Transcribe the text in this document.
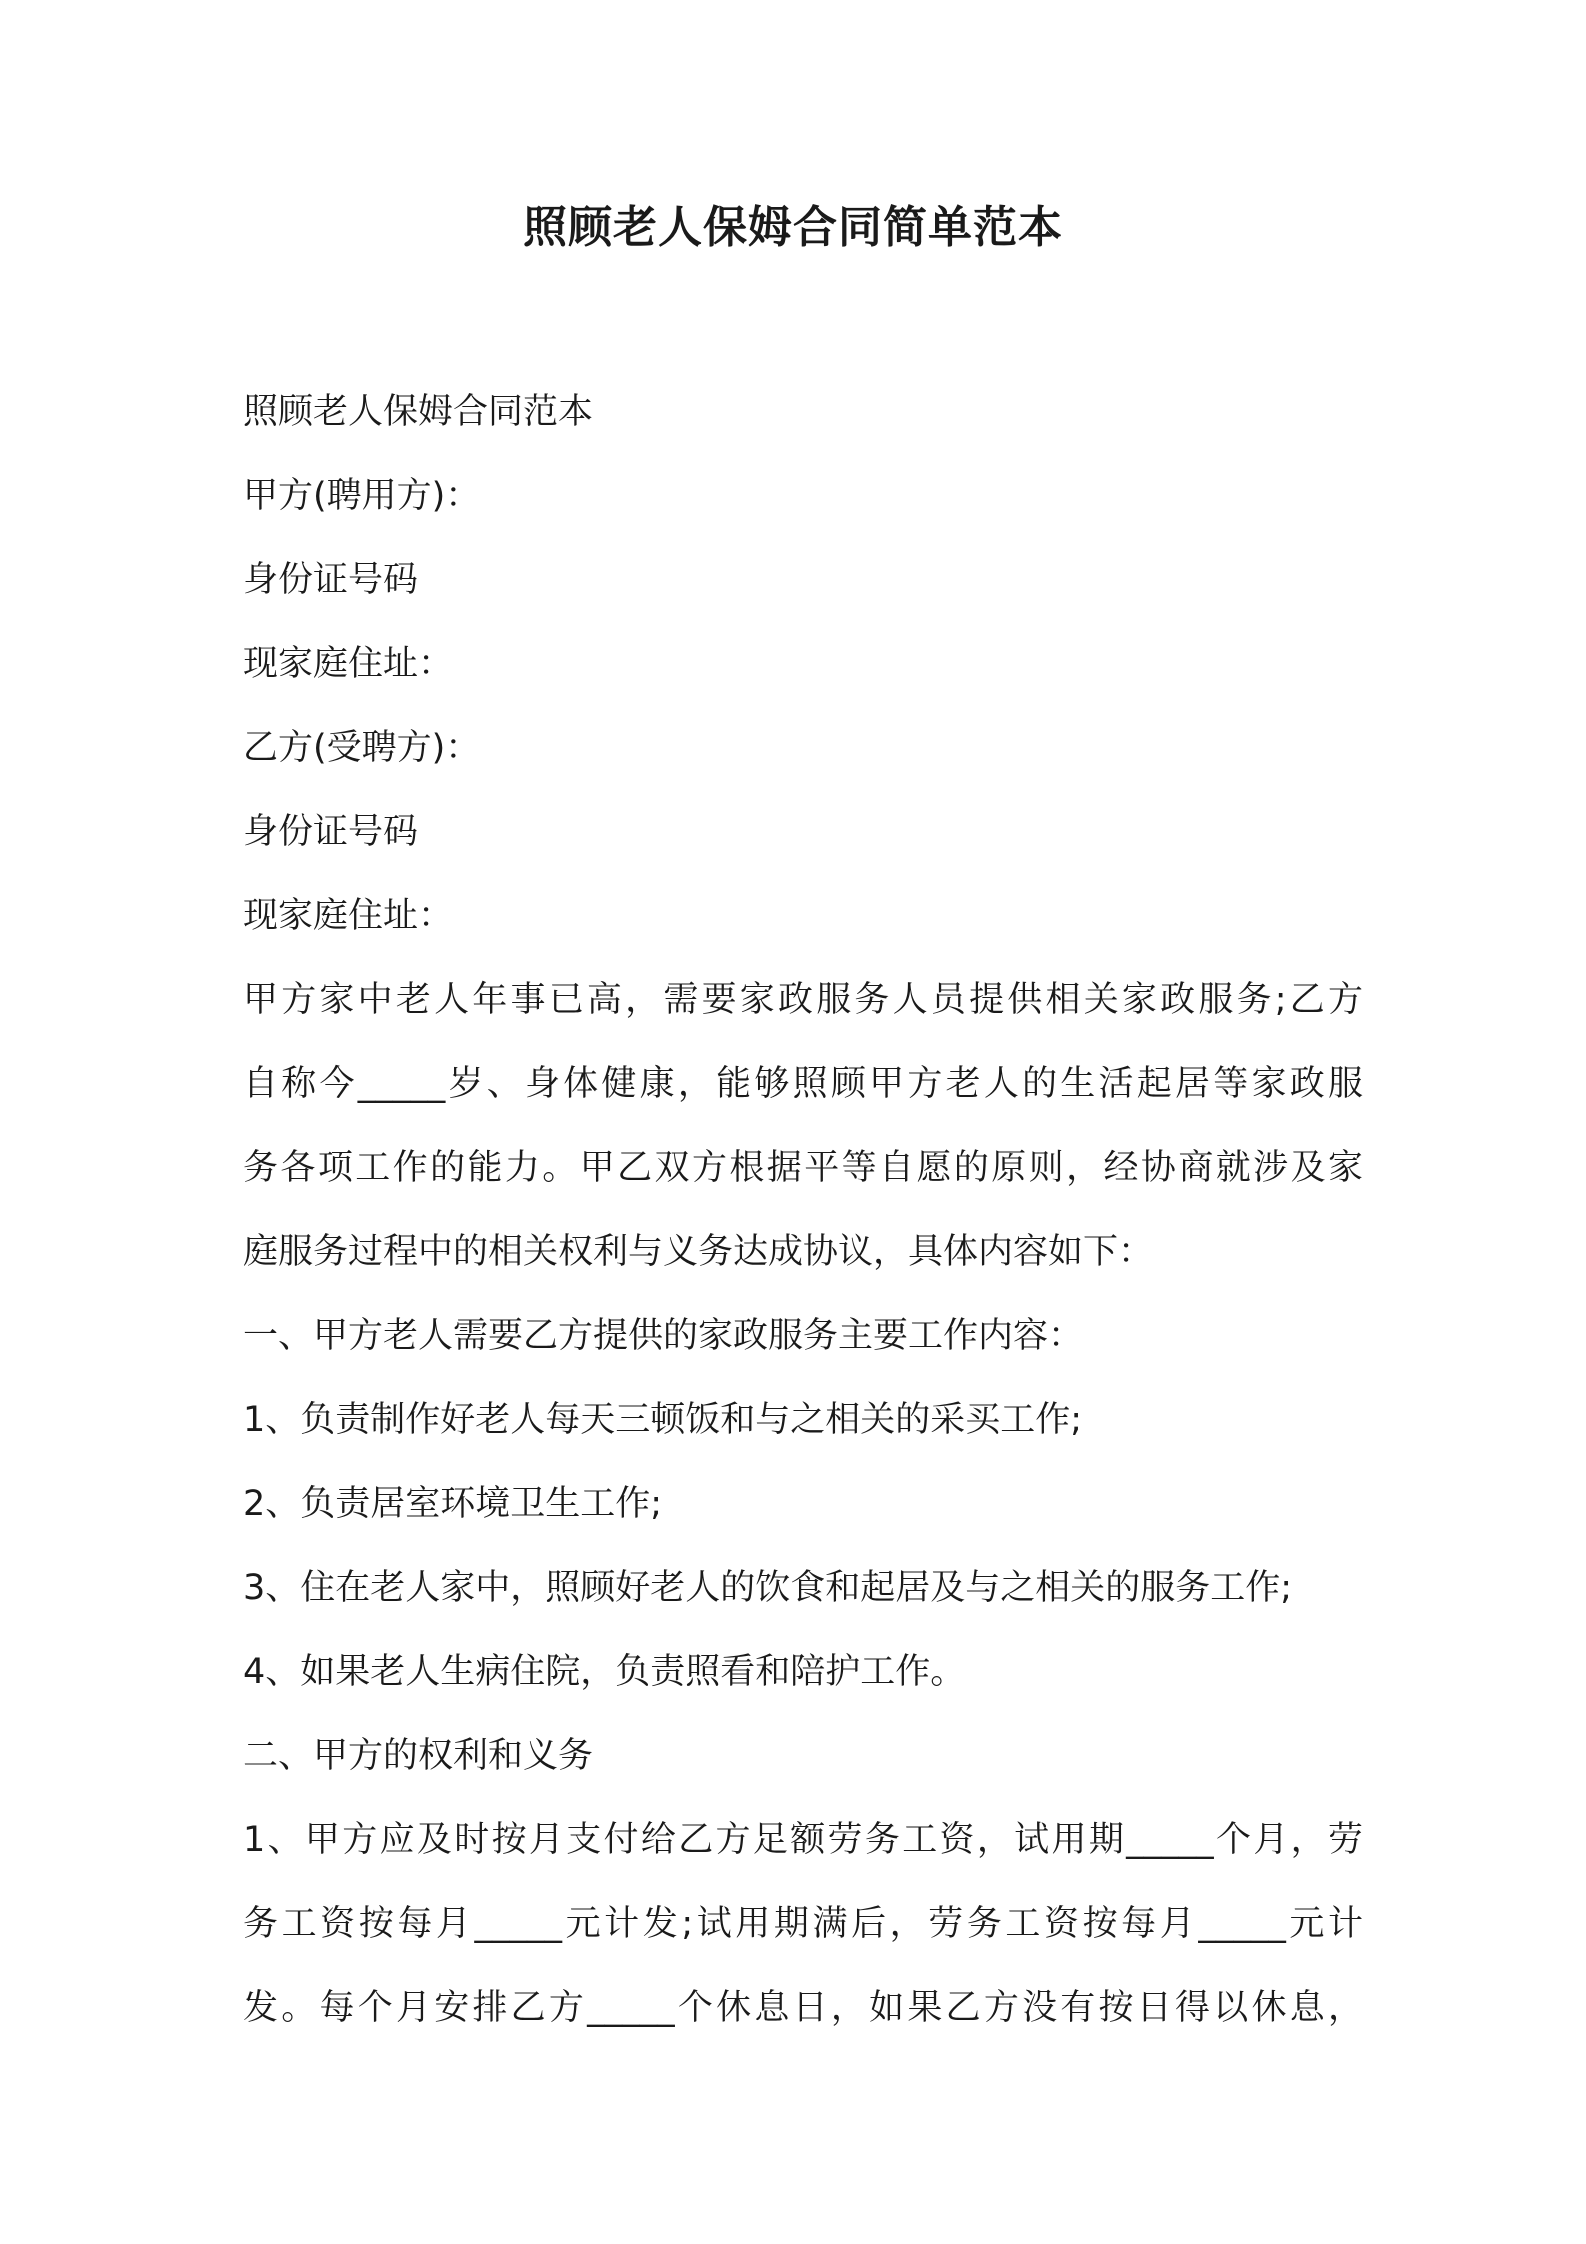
照顾老人保姆合同简单范本

照顾老人保姆合同范本

甲方(聘用方)：

身份证号码

现家庭住址：

乙方(受聘方)：

身份证号码

现家庭住址：

甲方家中老人年事已高，需要家政服务人员提供相关家政服务;乙方

自称今_____岁、身体健康，能够照顾甲方老人的生活起居等家政服

务各项工作的能力。甲乙双方根据平等自愿的原则，经协商就涉及家

庭服务过程中的相关权利与义务达成协议，具体内容如下：

一、甲方老人需要乙方提供的家政服务主要工作内容：

1、负责制作好老人每天三顿饭和与之相关的采买工作;

2、负责居室环境卫生工作;

3、住在老人家中，照顾好老人的饮食和起居及与之相关的服务工作;

4、如果老人生病住院，负责照看和陪护工作。

二、甲方的权利和义务

1、甲方应及时按月支付给乙方足额劳务工资，试用期_____个月，劳

务工资按每月_____元计发;试用期满后，劳务工资按每月_____元计

发。每个月安排乙方_____个休息日，如果乙方没有按日得以休息，
